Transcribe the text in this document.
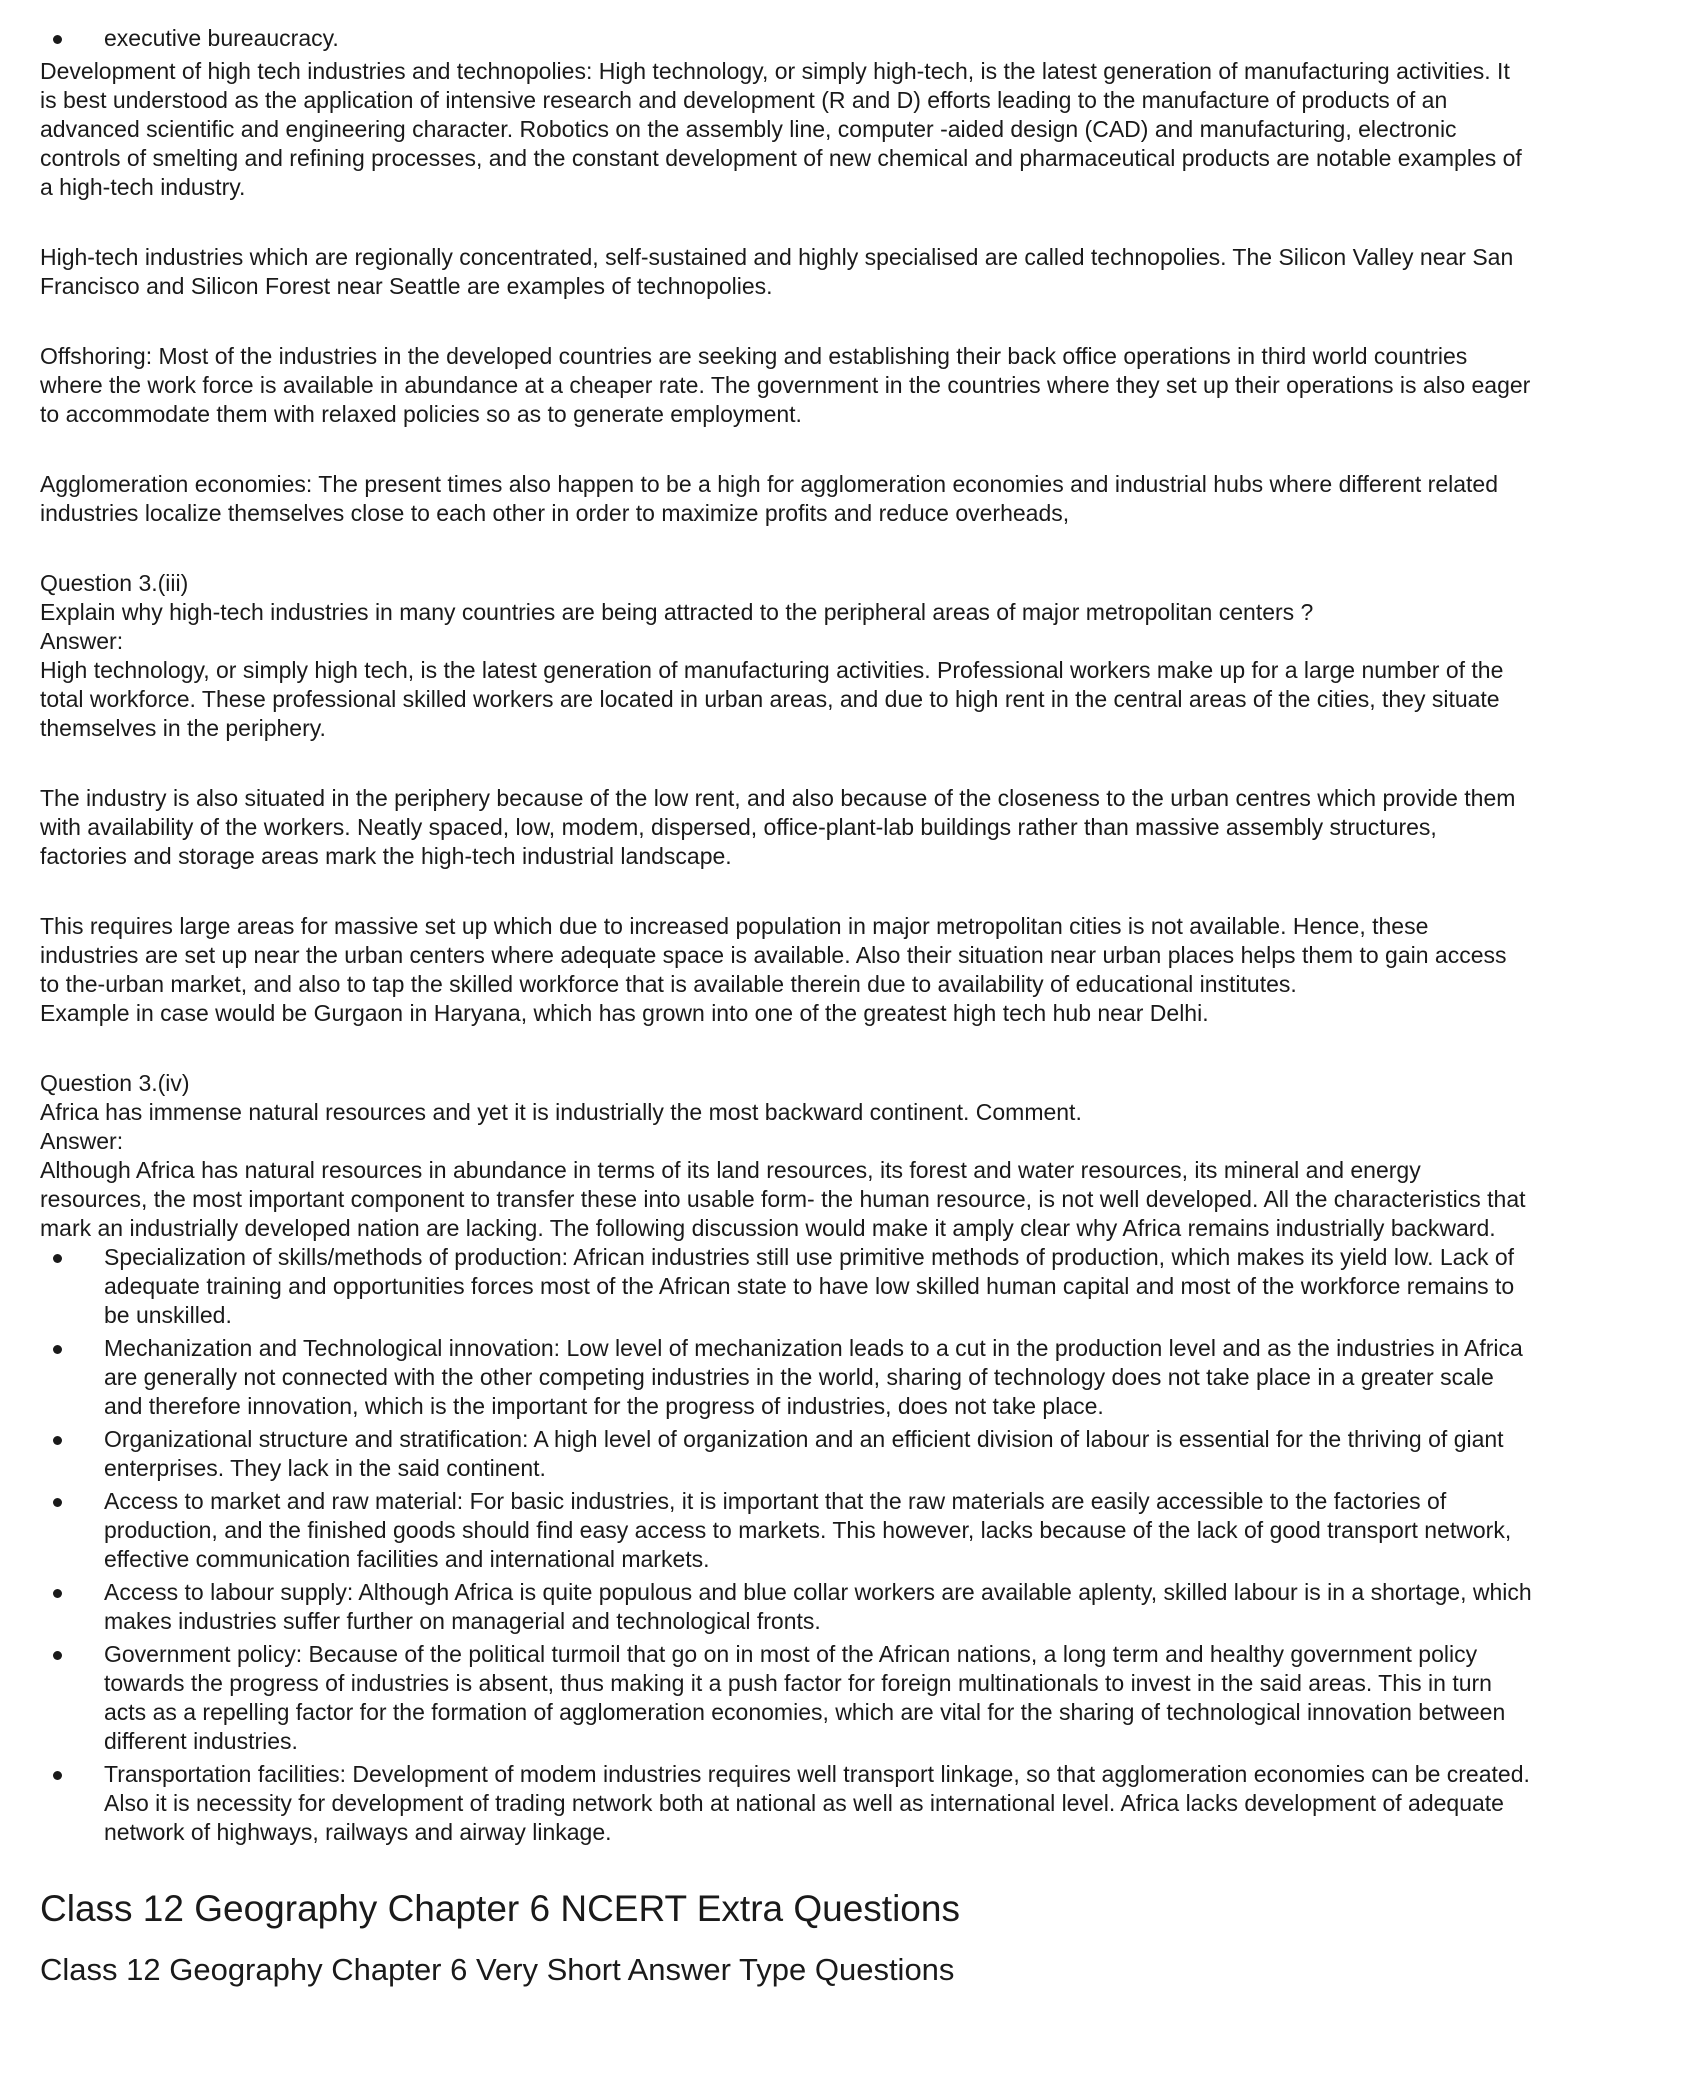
executive bureaucracy.

Development of high tech industries and technopolies: High technology, or simply high-tech, is the latest generation of manufacturing activities. It
is best understood as the application of intensive research and development (R and D) efforts leading to the manufacture of products of an
advanced scientific and engineering character. Robotics on the assembly line, computer -aided design (CAD) and manufacturing, electronic
controls of smelting and refining processes, and the constant development of new chemical and pharmaceutical products are notable examples of
a high-tech industry.

High-tech industries which are regionally concentrated, self-sustained and highly specialised are called technopolies. The Silicon Valley near San
Francisco and Silicon Forest near Seattle are examples of technopolies.

Offshoring: Most of the industries in the developed countries are seeking and establishing their back office operations in third world countries
where the work force is available in abundance at a cheaper rate. The government in the countries where they set up their operations is also eager
to accommodate them with relaxed policies so as to generate employment.

Agglomeration economies: The present times also happen to be a high for agglomeration economies and industrial hubs where different related
industries localize themselves close to each other in order to maximize profits and reduce overheads,

Question 3.(iii)
Explain why high-tech industries in many countries are being attracted to the peripheral areas of major metropolitan centers ?
Answer:
High technology, or simply high tech, is the latest generation of manufacturing activities. Professional workers make up for a large number of the
total workforce. These professional skilled workers are located in urban areas, and due to high rent in the central areas of the cities, they situate
themselves in the periphery.

The industry is also situated in the periphery because of the low rent, and also because of the closeness to the urban centres which provide them
with availability of the workers. Neatly spaced, low, modem, dispersed, office-plant-lab buildings rather than massive assembly structures,
factories and storage areas mark the high-tech industrial landscape.

This requires large areas for massive set up which due to increased population in major metropolitan cities is not available. Hence, these
industries are set up near the urban centers where adequate space is available. Also their situation near urban places helps them to gain access
to the-urban market, and also to tap the skilled workforce that is available therein due to availability of educational institutes.
Example in case would be Gurgaon in Haryana, which has grown into one of the greatest high tech hub near Delhi.

Question 3.(iv)
Africa has immense natural resources and yet it is industrially the most backward continent. Comment.
Answer:
Although Africa has natural resources in abundance in terms of its land resources, its forest and water resources, its mineral and energy
resources, the most important component to transfer these into usable form- the human resource, is not well developed. All the characteristics that
mark an industrially developed nation are lacking. The following discussion would make it amply clear why Africa remains industrially backward.

Specialization of skills/methods of production: African industries still use primitive methods of production, which makes its yield low. Lack of
adequate training and opportunities forces most of the African state to have low skilled human capital and most of the workforce remains to
be unskilled.
Mechanization and Technological innovation: Low level of mechanization leads to a cut in the production level and as the industries in Africa
are generally not connected with the other competing industries in the world, sharing of technology does not take place in a greater scale
and therefore innovation, which is the important for the progress of industries, does not take place.
Organizational structure and stratification: A high level of organization and an efficient division of labour is essential for the thriving of giant
enterprises. They lack in the said continent.
Access to market and raw material: For basic industries, it is important that the raw materials are easily accessible to the factories of
production, and the finished goods should find easy access to markets. This however, lacks because of the lack of good transport network,
effective communication facilities and international markets.
Access to labour supply: Although Africa is quite populous and blue collar workers are available aplenty, skilled labour is in a shortage, which
makes industries suffer further on managerial and technological fronts.
Government policy: Because of the political turmoil that go on in most of the African nations, a long term and healthy government policy
towards the progress of industries is absent, thus making it a push factor for foreign multinationals to invest in the said areas. This in turn
acts as a repelling factor for the formation of agglomeration economies, which are vital for the sharing of technological innovation between
different industries.
Transportation facilities: Development of modem industries requires well transport linkage, so that agglomeration economies can be created.
Also it is necessity for development of trading network both at national as well as international level. Africa lacks development of adequate
network of highways, railways and airway linkage.
Class 12 Geography Chapter 6 NCERT Extra Questions
Class 12 Geography Chapter 6 Very Short Answer Type Questions
